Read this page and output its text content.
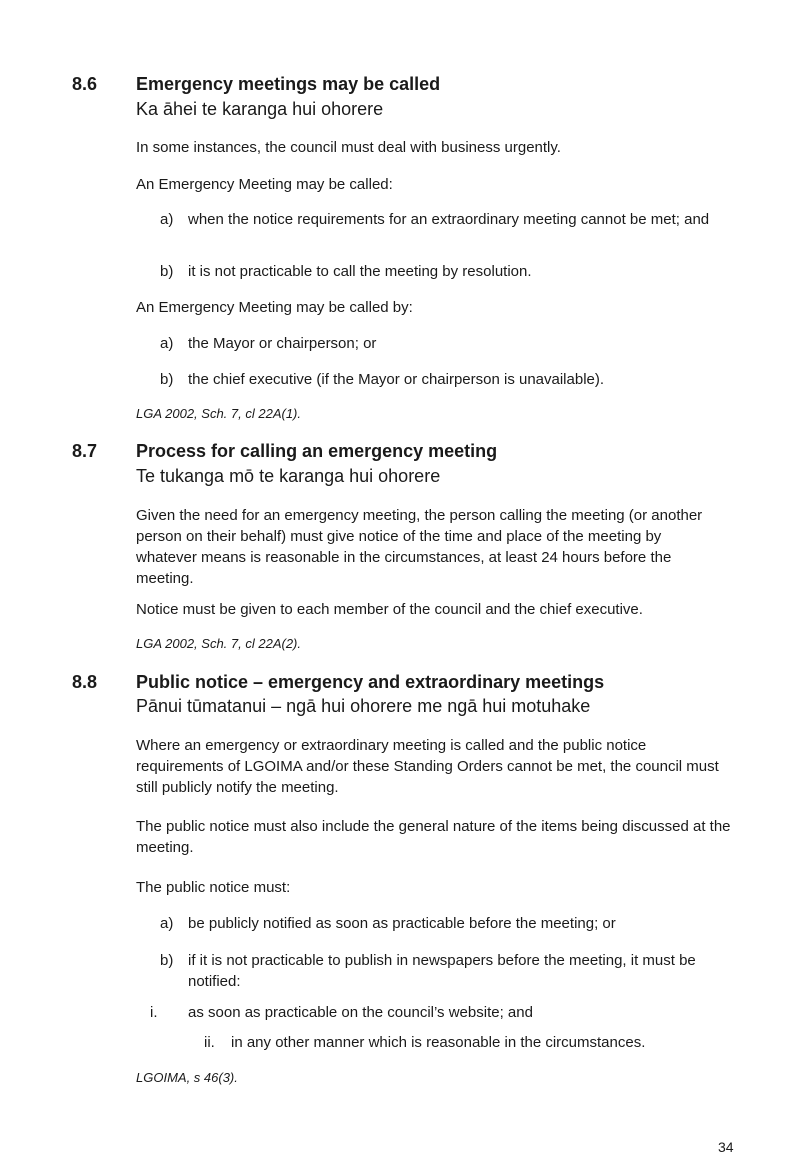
8.6 Emergency meetings may be called
Ka āhei te karanga hui ohorere
In some instances, the council must deal with business urgently.
An Emergency Meeting may be called:
a) when the notice requirements for an extraordinary meeting cannot be met; and
b) it is not practicable to call the meeting by resolution.
An Emergency Meeting may be called by:
a) the Mayor or chairperson; or
b) the chief executive (if the Mayor or chairperson is unavailable).
LGA 2002, Sch. 7, cl 22A(1).
8.7 Process for calling an emergency meeting
Te tukanga mō te karanga hui ohorere
Given the need for an emergency meeting, the person calling the meeting (or another person on their behalf) must give notice of the time and place of the meeting by whatever means is reasonable in the circumstances, at least 24 hours before the meeting.
Notice must be given to each member of the council and the chief executive.
LGA 2002, Sch. 7, cl 22A(2).
8.8 Public notice – emergency and extraordinary meetings
Pānui tūmatanui – ngā hui ohorere me ngā hui motuhake
Where an emergency or extraordinary meeting is called and the public notice requirements of LGOIMA and/or these Standing Orders cannot be met, the council must still publicly notify the meeting.
The public notice must also include the general nature of the items being discussed at the meeting.
The public notice must:
a) be publicly notified as soon as practicable before the meeting; or
b) if it is not practicable to publish in newspapers before the meeting, it must be notified:
i. as soon as practicable on the council’s website; and
ii. in any other manner which is reasonable in the circumstances.
LGOIMA, s 46(3).
34
